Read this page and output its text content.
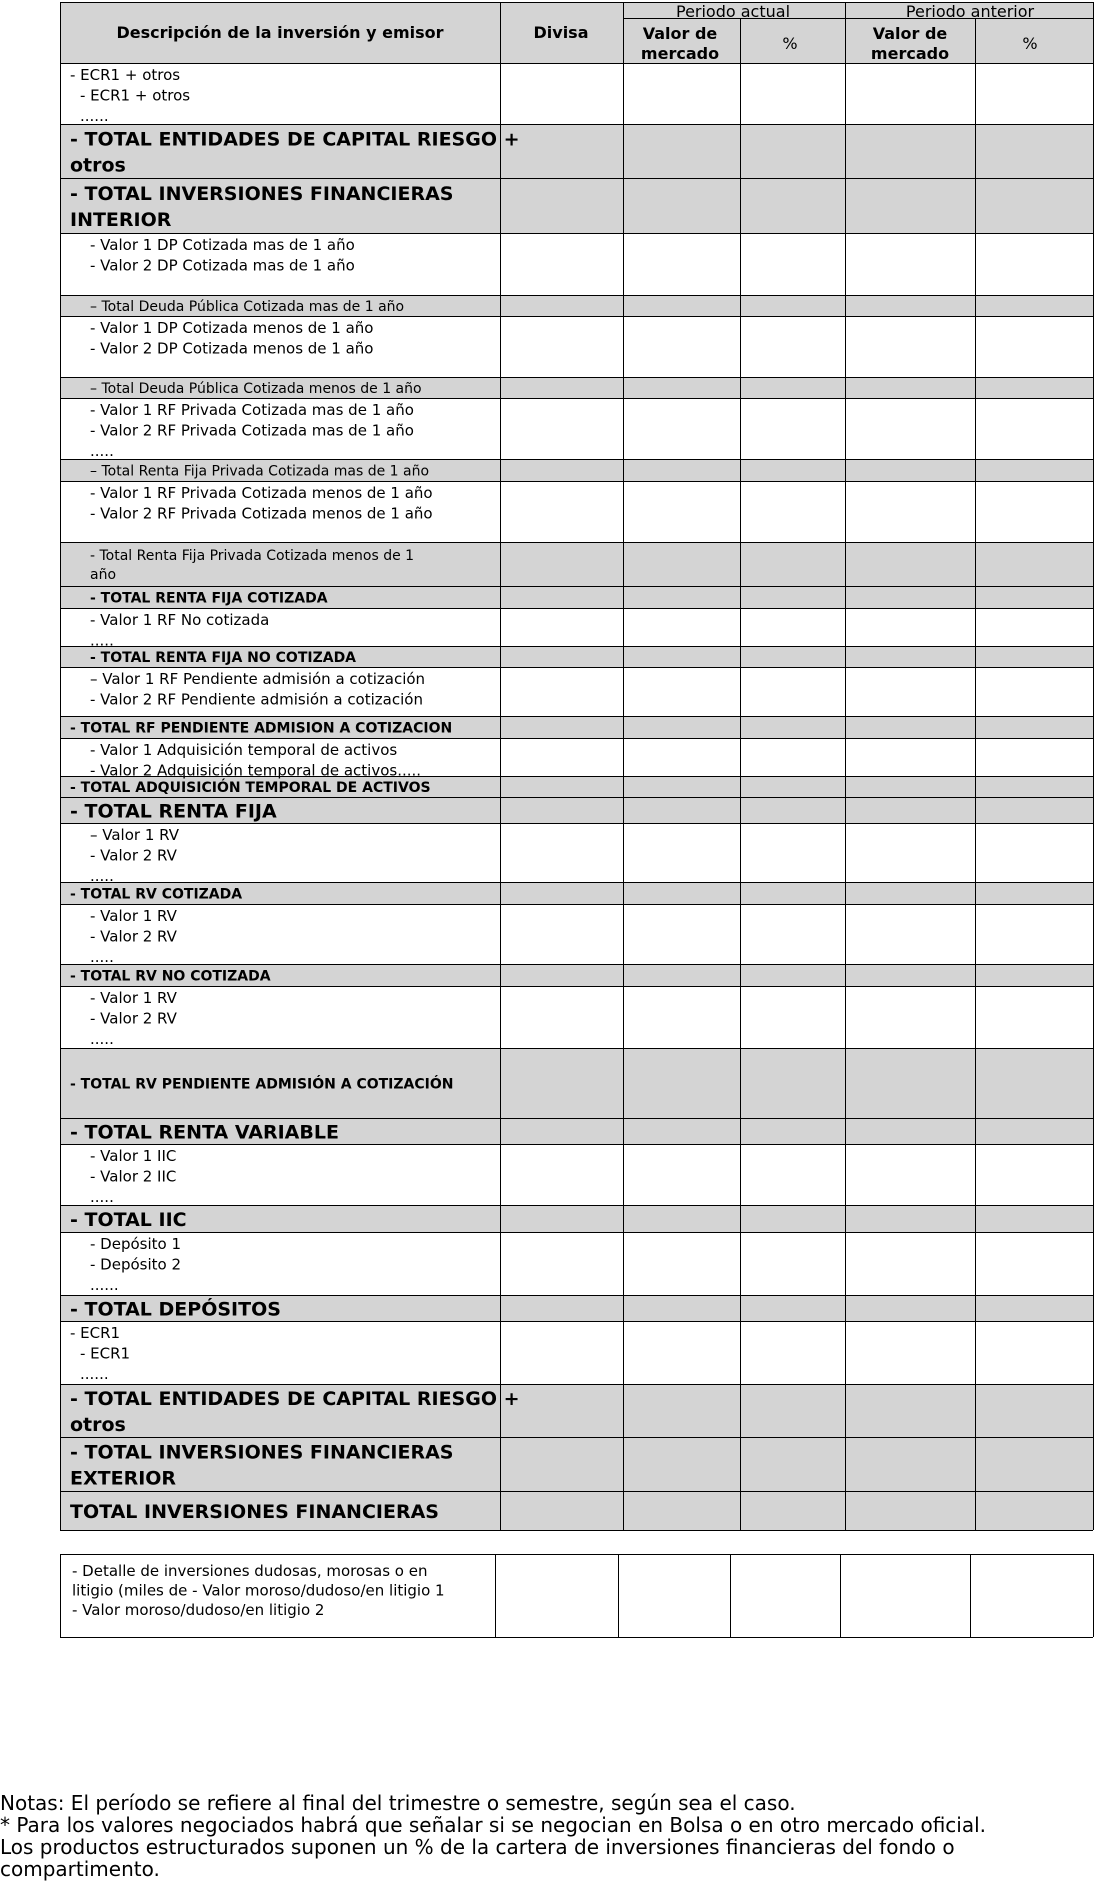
Descripción de la inversión y emisor	Divisa
Periodo actual	Periodo anterior
Valor de
mercado
%
Valor de
mercado
%
- ECR1 + otros
- ECR1 + otros
......
- TOTAL ENTIDADES DE CAPITAL RIESGO +
otros
- TOTAL INVERSIONES FINANCIERAS
INTERIOR
- Valor 1 DP Cotizada mas de 1 año
- Valor 2 DP Cotizada mas de 1 año
– Total Deuda Pública Cotizada mas de 1 año
- Valor 1 DP Cotizada menos de 1 año
- Valor 2 DP Cotizada menos de 1 año
– Total Deuda Pública Cotizada menos de 1 año
- Valor 1 RF Privada Cotizada mas de 1 año
- Valor 2 RF Privada Cotizada mas de 1 año
.....
– Total Renta Fija Privada Cotizada mas de 1 año
- Valor 1 RF Privada Cotizada menos de 1 año
- Valor 2 RF Privada Cotizada menos de 1 año
- Total Renta Fija Privada Cotizada menos de 1
año
- TOTAL RENTA FIJA COTIZADA
- Valor 1 RF No cotizada
.....
- TOTAL RENTA FIJA NO COTIZADA
– Valor 1 RF Pendiente admisión a cotización
- Valor 2 RF Pendiente admisión a cotización
- TOTAL RF PENDIENTE ADMISION A COTIZACION
- Valor 1 Adquisición temporal de activos
- Valor 2 Adquisición temporal de activos.....
- TOTAL ADQUISICIÓN TEMPORAL DE ACTIVOS
- TOTAL RENTA FIJA
– Valor 1 RV
- Valor 2 RV
.....
- TOTAL RV COTIZADA
- Valor 1 RV
- Valor 2 RV
.....
- TOTAL RV NO COTIZADA
- Valor 1 RV
- Valor 2 RV
.....
- TOTAL RV PENDIENTE ADMISIÓN A COTIZACIÓN
- TOTAL RENTA VARIABLE
- Valor 1 IIC
- Valor 2 IIC
.....
- TOTAL IIC
- Depósito 1
- Depósito 2
......
- TOTAL DEPÓSITOS
- ECR1
- ECR1
......
- TOTAL ENTIDADES DE CAPITAL RIESGO +
otros
- TOTAL INVERSIONES FINANCIERAS
EXTERIOR
TOTAL INVERSIONES FINANCIERAS
- Detalle de inversiones dudosas, morosas o en
litigio (miles de - Valor moroso/dudoso/en litigio 1
- Valor moroso/dudoso/en litigio 2
Notas: El período se refiere al final del trimestre o semestre, según sea el caso.
* Para los valores negociados habrá que señalar si se negocian en Bolsa o en otro mercado oficial.
Los productos estructurados suponen un % de la cartera de inversiones financieras del fondo o
compartimento.
